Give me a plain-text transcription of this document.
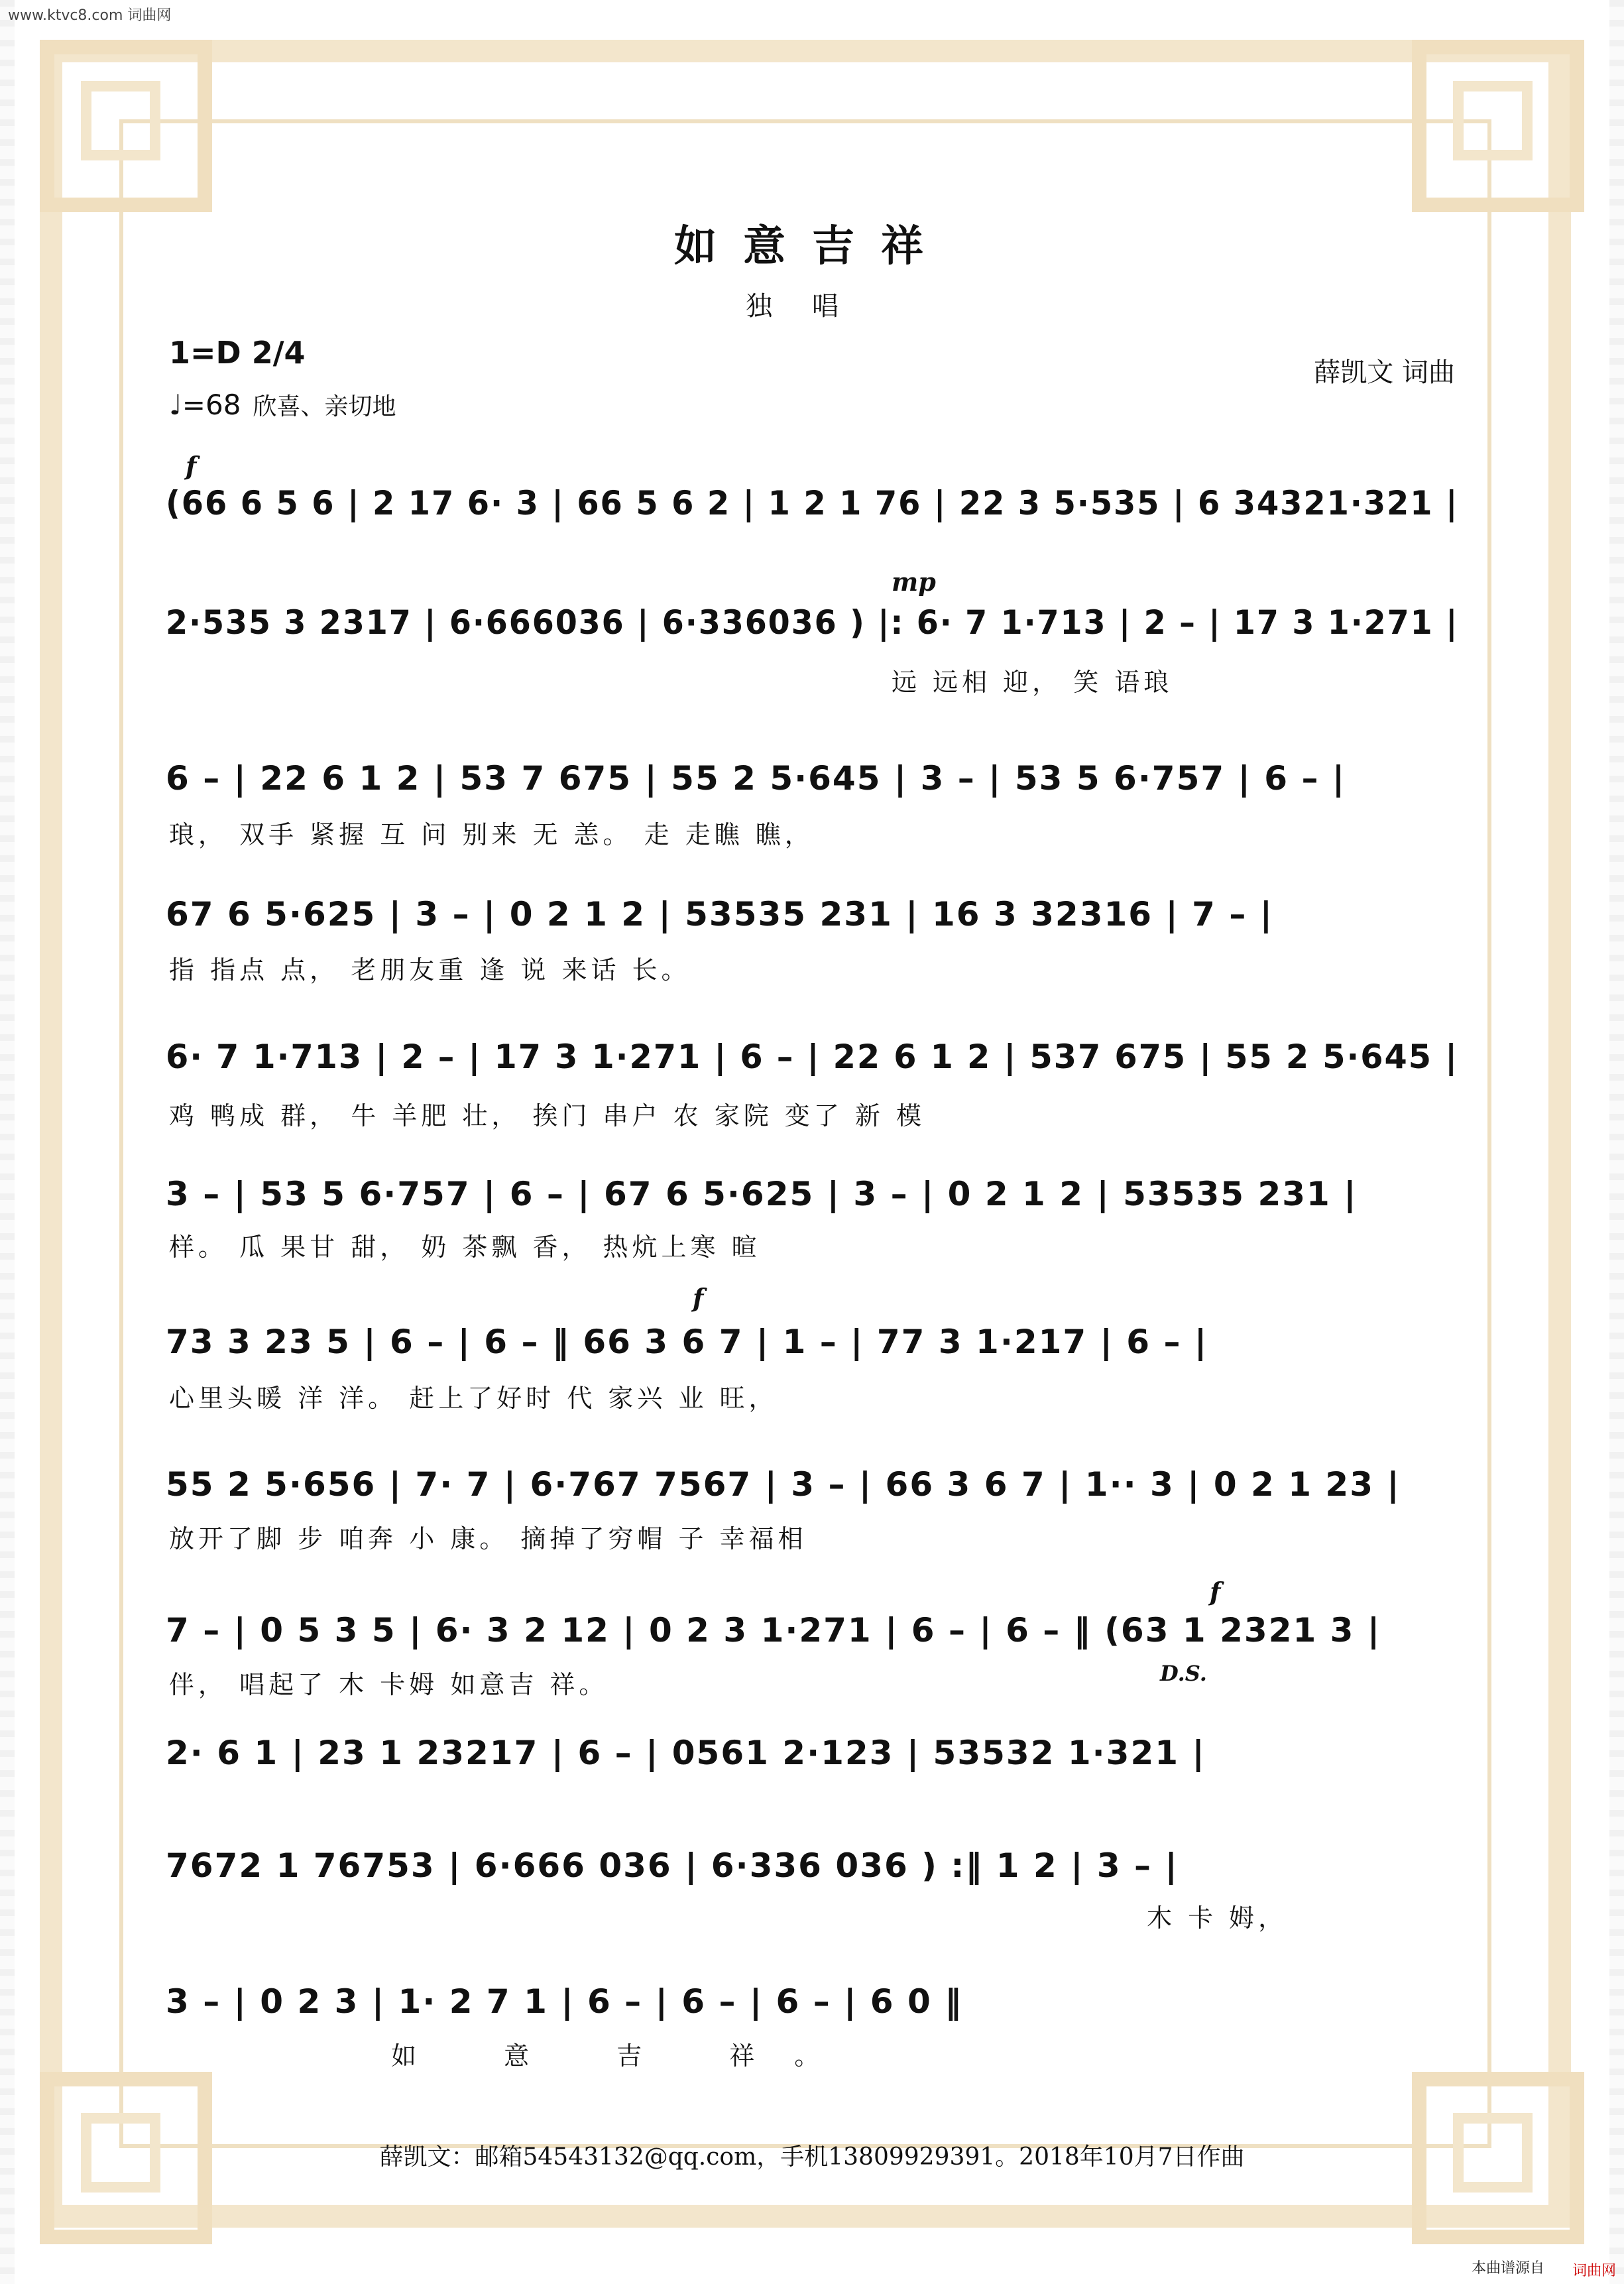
www.ktvc8.com 词曲网
本曲谱源自 词曲网
如意吉祥
独唱
1=D 2/4
♩=68 欣喜、亲切地
薛凯文 词曲
f
mp
f
f
D.S.
(66 6 5 6 | 2 17 6· 3 | 66 5 6 2 | 1 2 1 76 | 22 3 5·535 | 6 34321·321 |
2·535 3 2317 | 6·666036 | 6·336036 ) |: 6· 7 1·713 | 2 – | 17 3 1·271 |
远 远相 迎， 笑 语琅
6 – | 22 6 1 2 | 53 7 675 | 55 2 5·645 | 3 – | 53 5 6·757 | 6 – |
琅， 双手 紧握 互 问 别来 无 恙。 走 走瞧 瞧，
67 6 5·625 | 3 – | 0 2 1 2 | 53535 231 | 16 3 32316 | 7 – |
指 指点 点， 老朋友重 逢 说 来话 长。
6· 7 1·713 | 2 – | 17 3 1·271 | 6 – | 22 6 1 2 | 537 675 | 55 2 5·645 |
鸡 鸭成 群， 牛 羊肥 壮， 挨门 串户 农 家院 变了 新 模
3 – | 53 5 6·757 | 6 – | 67 6 5·625 | 3 – | 0 2 1 2 | 53535 231 |
样。 瓜 果甘 甜， 奶 茶飘 香， 热炕上寒 暄
73 3 23 5 | 6 – | 6 – ‖ 66 3 6 7 | 1 – | 77 3 1·217 | 6 – |
心里头暖 洋 洋。 赶上了好时 代 家兴 业 旺，
55 2 5·656 | 7· 7 | 6·767 7567 | 3 – | 66 3 6 7 | 1·· 3 | 0 2 1 23 |
放开了脚 步 咱奔 小 康。 摘掉了穷帽 子 幸福相
7 – | 0 5 3 5 | 6· 3 2 12 | 0 2 3 1·271 | 6 – | 6 – ‖ (63 1 2321 3 |
伴， 唱起了 木 卡姆 如意吉 祥。
2· 6 1 | 23 1 23217 | 6 – | 0561 2·123 | 53532 1·321 |
7672 1 76753 | 6·666 036 | 6·336 036 ) :‖ 1 2 | 3 – |
木 卡 姆，
3 – | 0 2 3 | 1· 2 7 1 | 6 – | 6 – | 6 – | 6 0 ‖
如 意 吉 祥。
薛凯文：邮箱54543132@qq.com，手机13809929391。2018年10月7日作曲
